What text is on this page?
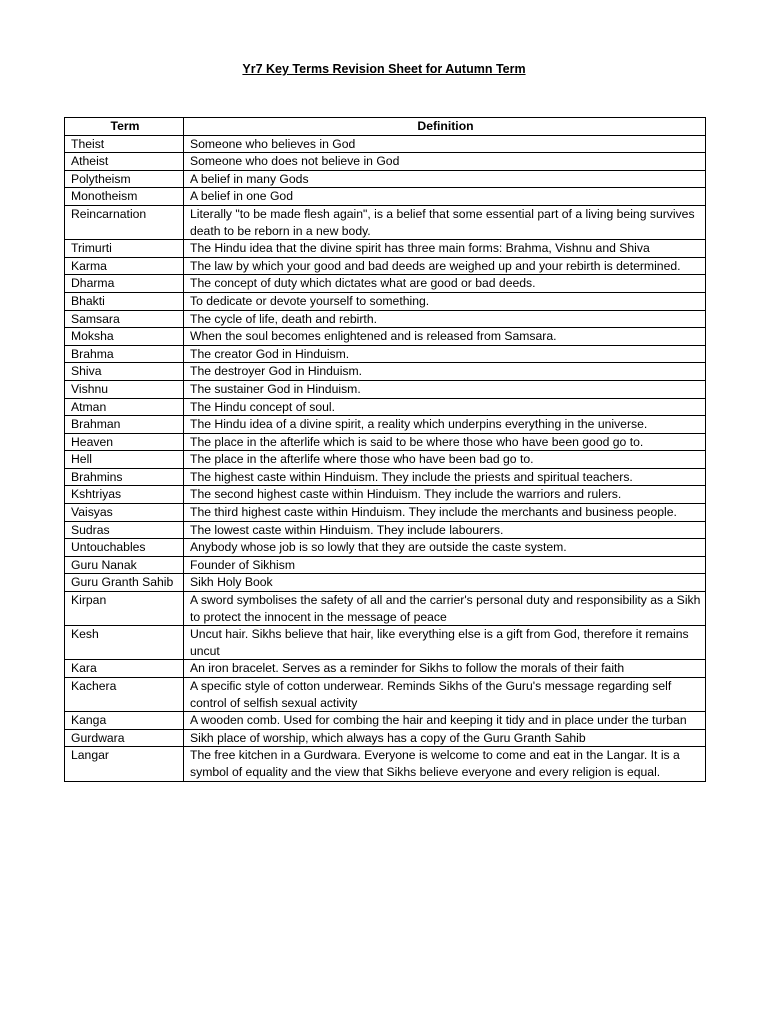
Yr7 Key Terms Revision Sheet for Autumn Term
Term	Definition
Theist	Someone who believes in God
Atheist	Someone who does not believe in God
Polytheism	A belief in many Gods
Monotheism	A belief in one God
Reincarnation	Literally "to be made flesh again", is a belief that some essential part of a living being survives death to be reborn in a new body.
Trimurti	The Hindu idea that the divine spirit has three main forms: Brahma, Vishnu and Shiva
Karma	The law by which your good and bad deeds are weighed up and your rebirth is determined.
Dharma	The concept of duty which dictates what are good or bad deeds.
Bhakti	To dedicate or devote yourself to something.
Samsara	The cycle of life, death and rebirth.
Moksha	When the soul becomes enlightened and is released from Samsara.
Brahma	The creator God in Hinduism.
Shiva	The destroyer God in Hinduism.
Vishnu	The sustainer God in Hinduism.
Atman	The Hindu concept of soul.
Brahman	The Hindu idea of a divine spirit, a reality which underpins everything in the universe.
Heaven	The place in the afterlife which is said to be where those who have been good go to.
Hell	The place in the afterlife where those who have been bad go to.
Brahmins	The highest caste within Hinduism. They include the priests and spiritual teachers.
Kshtriyas	The second highest caste within Hinduism. They include the warriors and rulers.
Vaisyas	The third highest caste within Hinduism. They include the merchants and business people.
Sudras	The lowest caste within Hinduism. They include labourers.
Untouchables	Anybody whose job is so lowly that they are outside the caste system.
Guru Nanak	Founder of Sikhism
Guru Granth Sahib	Sikh Holy Book
Kirpan	A sword symbolises the safety of all and the carrier's personal duty and responsibility as a Sikh to protect the innocent in the message of peace
Kesh	Uncut hair. Sikhs believe that hair, like everything else is a gift from God, therefore it remains uncut
Kara	An iron bracelet. Serves as a reminder for Sikhs to follow the morals of their faith
Kachera	A specific style of cotton underwear. Reminds Sikhs of the Guru's message regarding self control of selfish sexual activity
Kanga	A wooden comb. Used for combing the hair and keeping it tidy and in place under the turban
Gurdwara	Sikh place of worship, which always has a copy of the Guru Granth Sahib
Langar	The free kitchen in a Gurdwara. Everyone is welcome to come and eat in the Langar. It is a symbol of equality and the view that Sikhs believe everyone and every religion is equal.
